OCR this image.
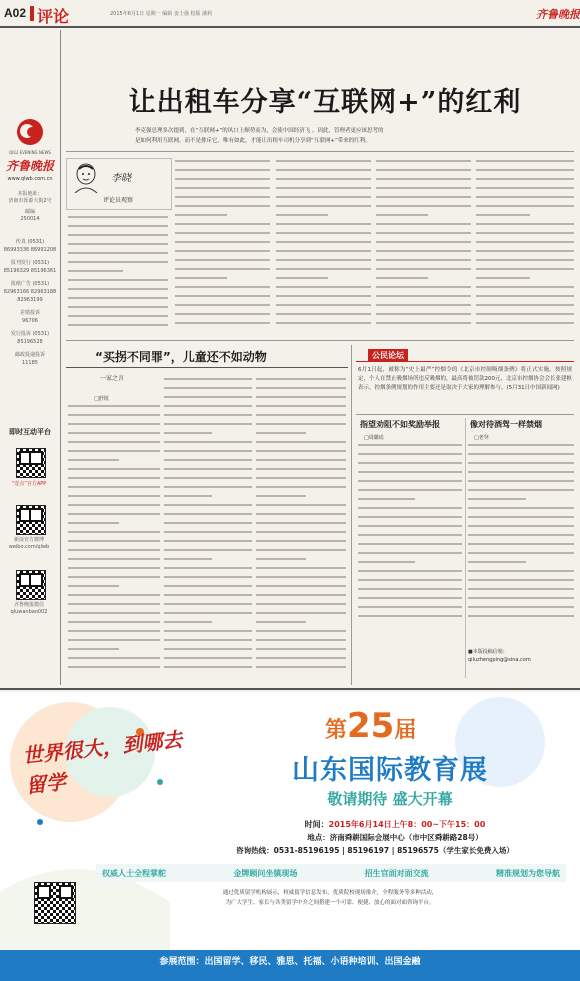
A02 评论	2015年6月1日 星期一 编辑 姜士强 校版 潘莉	齐鲁晚报
QILU EVENING NEWS
齐鲁晚报
www.qlwb.com.cn
本报地址：
济南市泺源大街2号
邮编
250014
传真 (0531)
86993336 86991208
报刊发行 (0531)
85196329 85196361
报纸广告 (0531)
82963166 82963188 82963199
差错投诉
96706
发行投诉 (0531)
85196528
邮政投递投诉
11185
即时互动平台
“壹点”官方APP
新浪官方微博
weibo.com/qlwb
齐鲁晚报微信
qluwanbao002
让出租车分享“互联网+”的红利
李克强总理多次提到，在“互联网+”的风口上顺势而为，会使中国经济飞 。因此，管理者更应该思考的
是如何利用互联网，而不是排斥它，唯有如此，才能让出租车司机分享到“互联网+”带来的红利。
李晓
评论员观察
“买拐不同罪”，儿童还不如动物
一家之言
□舒锐
公民论坛
6月1日起，被称为“史上最严”控烟令的《北京市控制吸烟条例》将正式实施。按照规定，个人在禁止吸烟场所违反吸烟的，最高将被罚款200元，北京市控烟协会会长张建枢表示，控烟条例规划的作用主要还是取决于大家的理解参与。(5月31日中国新闻网)
指望劝阻不如奖励举报
□周璐瑶
像对待酒驾一样禁烟
□老癸
■本版投稿信箱：
qiluzhengping@sina.com
世界很大，到哪去留学
第25届
山东国际教育展
敬请期待 盛大开幕
时间：2015年6月14日上午8：00~下午15：00
地点：济南舜耕国际会展中心（市中区舜耕路28号）
咨询热线：0531-85196195 | 85196197 | 85196575（学生家长免费入场）
权威人士全程掌舵	金牌顾问坐镇现场	招生官面对面交流	精准规划为您导航
通过优质留学机构展示，权威留学信息发布，优质院校现场推介，全程服务等多种活动，
为广大学生、家长与各类留学中介之间搭建一个可靠、便捷、放心的面对面咨询平台。
参展范围：出国留学、移民、雅思、托福、小语种培训、出国金融
